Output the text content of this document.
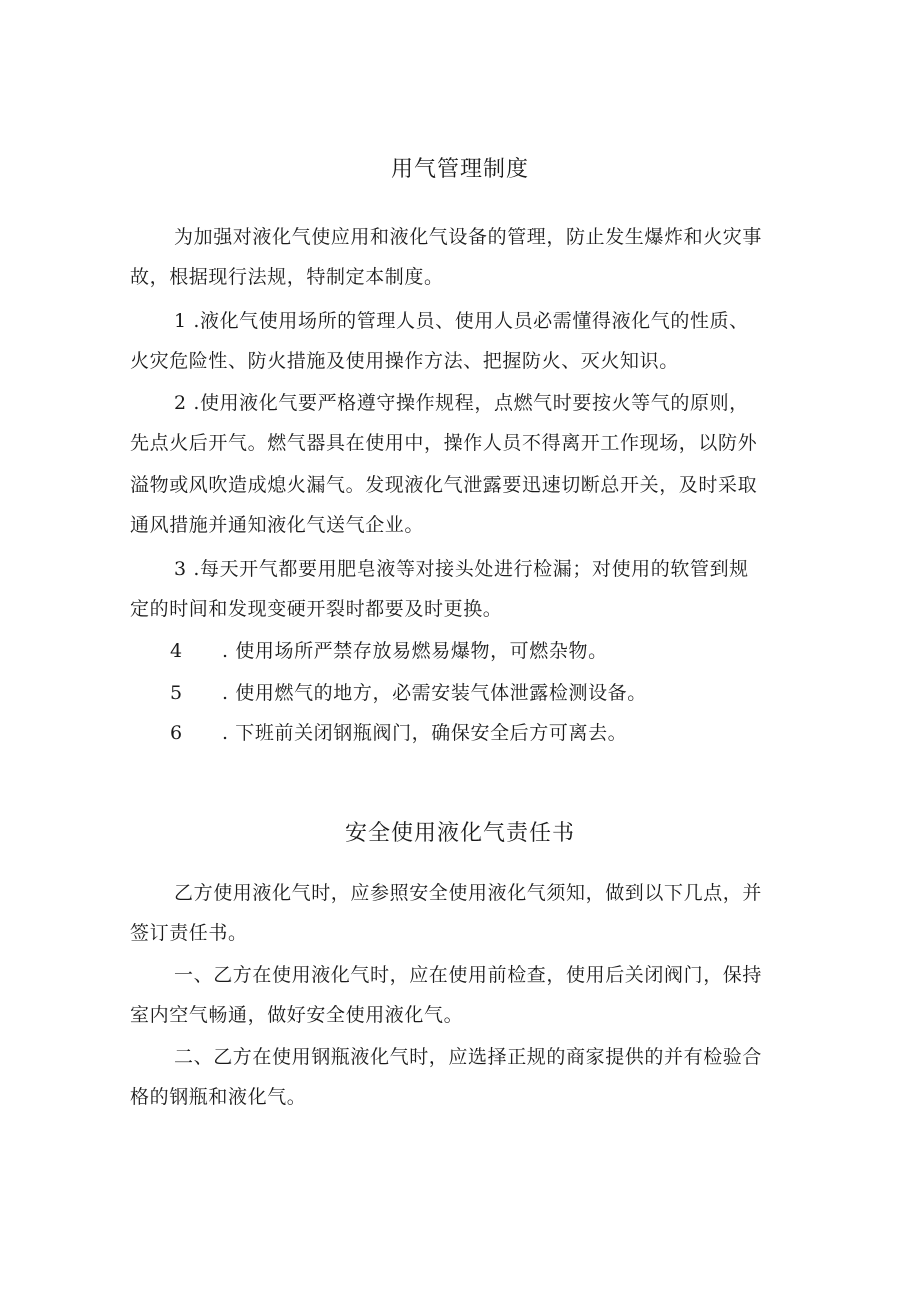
用气管理制度

为加强对液化气使应用和液化气设备的管理，防止发生爆炸和火灾事

故，根据现行法规，特制定本制度。

1 .液化气使用场所的管理人员、使用人员必需懂得液化气的性质、

火灾危险性、防火措施及使用操作方法、把握防火、灭火知识。

2 .使用液化气要严格遵守操作规程，点燃气时要按火等气的原则，

先点火后开气。燃气器具在使用中，操作人员不得离开工作现场，以防外

溢物或风吹造成熄火漏气。发现液化气泄露要迅速切断总开关，及时采取

通风措施并通知液化气送气企业。

3 .每天开气都要用肥皂液等对接头处进行检漏；对使用的软管到规

定的时间和发现变硬开裂时都要及时更换。

4 . 使用场所严禁存放易燃易爆物，可燃杂物。

5 . 使用燃气的地方，必需安装气体泄露检测设备。

6 . 下班前关闭钢瓶阀门，确保安全后方可离去。

安全使用液化气责任书

乙方使用液化气时，应参照安全使用液化气须知，做到以下几点，并

签订责任书。

一、乙方在使用液化气时，应在使用前检查，使用后关闭阀门，保持

室内空气畅通，做好安全使用液化气。

二、乙方在使用钢瓶液化气时，应选择正规的商家提供的并有检验合

格的钢瓶和液化气。
